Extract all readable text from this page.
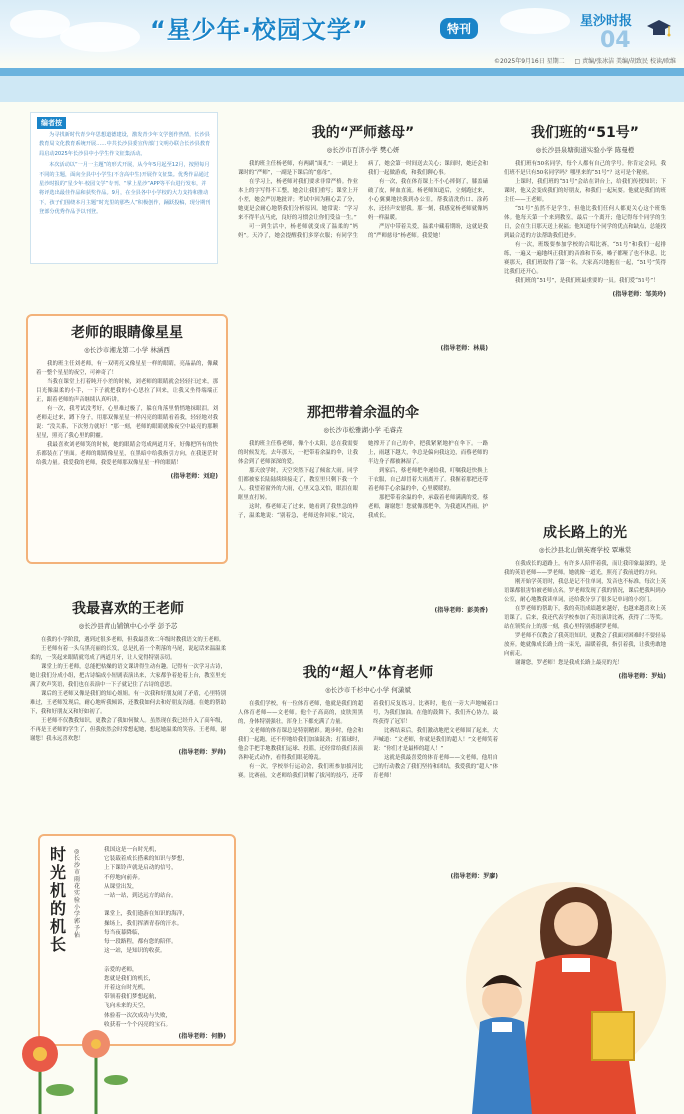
“星少年·校园文学”	特刊	星沙时报
04
©2025年9月16日 星期二 □ 责编/张冰洁 美编/胡致民 校读/欧维
编者按

为寻找新时代青少年思想道德建设，激发青少年文学创作热情，长沙县教育局文化教育系统开展……中共长沙县委宣传部门文明办联合长沙县教育局启动2025年长沙县中小学生作文征集活动。

本次活动以“一月一主题”的形式开展，从今年5月起至12月，按照每月不同的主题，面向全县中小学生(不含高中生)开展作文征集。优秀作品通过星沙时报的“星少年·校园文学”专刊、“掌上星沙”APP等平台进行发布，并将评选出最佳作品和获奖作品。9月，在全县各中小学校的大力支持和推动下，孩子们围绕本月主题“时光里的那些人”积极创作，踊跃投稿，现分期刊登部分优秀作品予以刊登。

老师的眼睛像星星
◎长沙市湘龙第二小学 林涵西

我的班主任刘老师，有一双明亮又像星星一样的眼睛，亮晶晶的，像藏着一整个星星的夜空，可神奇了！

当我在课堂上打着盹开小差的时候，刘老师的眼睛就会轻轻扫过来，那目光像温柔的小手，一下子就把我的小心思拉了回来，让我又坐得端端正正，跟着老师的声音继续认真听讲。

有一次，我考试没考好，心里难过极了，躲在角落里悄悄地抹眼泪。刘老师走过来，蹲下身子，用那双像星星一样闪亮的眼睛看着我，轻轻地对我说：“没关系，下次努力就好！”那一刻，老师的眼睛就像夜空中最亮的那颗星星，照亮了我心里的阴霾。

我最喜欢刘老师笑的时候，她的眼睛会弯成两道月牙，好像把所有的快乐都装在了里面。老师的眼睛像星星，在黑暗中给我指引方向，在我迷茫时给我力量。我爱我的老师，我爱老师那双像星星一样的眼睛！

(指导老师：刘迎)
我最喜欢的王老师
◎长沙县青山铺镇中心小学 彭予芯

在我的小学阶段，遇到过很多老师，但我最喜欢二年级时教我语文的王老师。

王老师有着一头乌黑亮丽的长发，总是扎着一个利落的马尾，说起话来温温柔柔的，一笑起来眼睛就弯成了两道月牙，让人觉得特别亲切。

课堂上的王老师，总能把枯燥的语文课讲得生动有趣。记得有一次学习古诗，她让我们分成小组，把古诗编成小短剧表演出来，大家都争着抢着上台，教室里充满了欢声笑语，我们也在表演中一下子就记住了古诗的意思。

课后的王老师又像是我们的知心姐姐。有一次我和好朋友闹了矛盾，心里特别难过，王老师发现后，耐心地听我倾诉，还教我如何去和好朋友沟通。在她的帮助下，我和好朋友又和好如初了。

王老师不仅教我知识，更教会了我如何做人。虽然现在我已经升入了高年级，不再是王老师的学生了，但我依然会时常想起她，想起她温柔的笑容。王老师，谢谢您！我永远喜欢您！

(指导老师：罗帅)
我的“严师慈母”
◎长沙市百济小学 樊心妍

我的班主任杨老师，有两副“面孔”：一副是上课时的“严师”，一副是下课后的“慈母”。

在学习上，杨老师对我们要求非常严格。作业本上的字写得不工整，她会让我们重写；课堂上开小差，她会严厉地批评；考试中因为粗心丢了分，她更是会耐心地帮我们分析原因。她常说：“学习来不得半点马虎，良好的习惯会让你们受益一生。”

可一到生活中，杨老师就变成了温柔的“妈妈”。天冷了，她会提醒我们多穿衣服；有同学生病了，她会第一时间送去关心；课间时，她还会和我们一起做游戏，和我们聊心事。

有一次，我在体育课上不小心摔倒了，膝盖磕破了皮，鲜血直流。杨老师知道后，立刻跑过来，小心翼翼地扶我到办公室，帮我清洗伤口、涂药水，还轻声安慰我。那一刻，我感觉杨老师就像妈妈一样温暖。

严厉中带着关爱，温柔中藏着期盼，这就是我的“严师慈母”杨老师。我爱她！

(指导老师：林晨)
那把带着余温的伞
◎长沙市松雅湖小学 毛睿垚

我的班主任蔡老师，像个小太阳，总在我需要的时候发光。去年那天，一把带着余温的伞，让我体会到了老师深深的爱。

那天放学时，天空突然下起了倾盆大雨。同学们都被家长陆陆续续接走了，教室里只剩下我一个人。我望着窗外的大雨，心里又急又怕，眼泪在眼眶里直打转。

这时，蔡老师走了过来，她看到了我焦急的样子，温柔地说：“别着急，老师送你回家。”说完，她撑开了自己的伞，把我紧紧地护在伞下。一路上，雨越下越大，伞总是偏向我这边，而蔡老师的半边身子都被淋湿了。

到家后，蔡老师把伞递给我，叮嘱我赶快换上干衣服，自己却冒着大雨离开了。我握着那把还带着老师手心余温的伞，心里暖暖的。

那把带着余温的伞，承载着老师满满的爱。蔡老师，谢谢您！您就像那把伞，为我遮风挡雨，护我成长。

(指导老师：彭美香)
我的“超人”体育老师
◎长沙市千杉中心小学 何潇斌

在我们学校，有一位体育老师，他就是我们的超人体育老师——文老师。他个子高高的，皮肤黑黑的，身体特别强壮，浑身上下都充满了力量。

文老师的体育课总是特别精彩。跑步时，他会和我们一起跑，还不停地给我们加油鼓劲；打篮球时，他会手把手地教我们运球、投篮，还经常给我们表演各种花式动作，看得我们眼花缭乱。

有一次，学校举行运动会，我们班参加拔河比赛。比赛前，文老师给我们讲解了拔河的技巧，还带着我们反复练习。比赛时，他在一旁大声地喊着口号，为我们加油。在他的鼓舞下，我们齐心协力，最终获得了冠军！

比赛结束后，我们激动地把文老师围了起来，大声喊道：“文老师，你就是我们的超人！”文老师笑着说：“你们才是最棒的超人！”

这就是我最喜爱的体育老师——文老师，他用自己的行动教会了我们坚持和团结，我爱我的“超人”体育老师！

(指导老师：罗廖)
我们班的“51号”
◎长沙县泉塘街道实验小学 陈曼橙

我们班有50名同学，每个人都有自己的学号。你肯定会问，我们班不是只有50名同学吗？哪里来的“51号”？这可是个秘密。

上课时，我们班的“51号”会站在讲台上，给我们传授知识；下课时，他又会变成我们的好朋友，和我们一起玩耍。他就是我们的班主任——王老师。

“51号”虽然不是学生，但他比我们任何人都更关心这个班集体。他每天第一个来到教室，最后一个离开；他记得每个同学的生日，会在生日那天送上祝福；他知道每个同学的优点和缺点，总能找到最合适的方法帮助我们进步。

有一次，班级要参加学校的合唱比赛，“51号”和我们一起排练，一遍又一遍地纠正我们的音准和节奏，嗓子都哑了也不休息。比赛那天，我们班取得了第一名，大家高兴地抱在一起，“51号”笑得比我们还开心。

我们班的“51号”，是我们班最重要的一员。我们爱“51号”！

(指导老师：邹美玲)
成长路上的光
◎长沙县北山镇英赛学校 覃琳棠

在我成长的道路上，有许多人陪伴着我，而让我印象最深的，是我的英语老师——罗老师。她就像一道光，照亮了我前进的方向。

刚开始学英语时，我总是记不住单词，发音也不标准，每次上英语课都很害怕被老师点名。罗老师发现了我的情况，课后把我叫到办公室，耐心地教我读单词，还给我分享了很多记单词的小窍门。

在罗老师的帮助下，我的英语成绩越来越好，也越来越喜欢上英语课了。后来，我还代表学校参加了英语演讲比赛，获得了二等奖。站在领奖台上的那一刻，我心里特别感谢罗老师。

罗老师不仅教会了我英语知识，更教会了我面对困难时不要轻易放弃。她就像成长路上的一束光，温暖着我，指引着我，让我勇敢地向前走。

谢谢您，罗老师！您是我成长路上最亮的光！

(指导老师：罗灿)
时光机的机长
◎长沙市雨花实验小学 郭予佑
我国这是一台时光机，
它装载着成长搭乘的知识与梦想，
上下课铃声就是启动的信号，
不停地向前奔。
从课堂出发，
一站一站，到达远方的站台。

课堂上，我们遨游在知识的海洋，
操场上，我们挥洒青春的汗水。
每当夜幕降临，
每一段路程，都有您的陪伴。
这一站，是知识的收获。

亲爱的老师，
您就是我们的机长，
开着这台时光机，
带领着我们梦想起航，
飞向未来的天空，
体验着一次次成功与失败，
收获着一个个闪亮的宝石。
(指导老师：何静)
